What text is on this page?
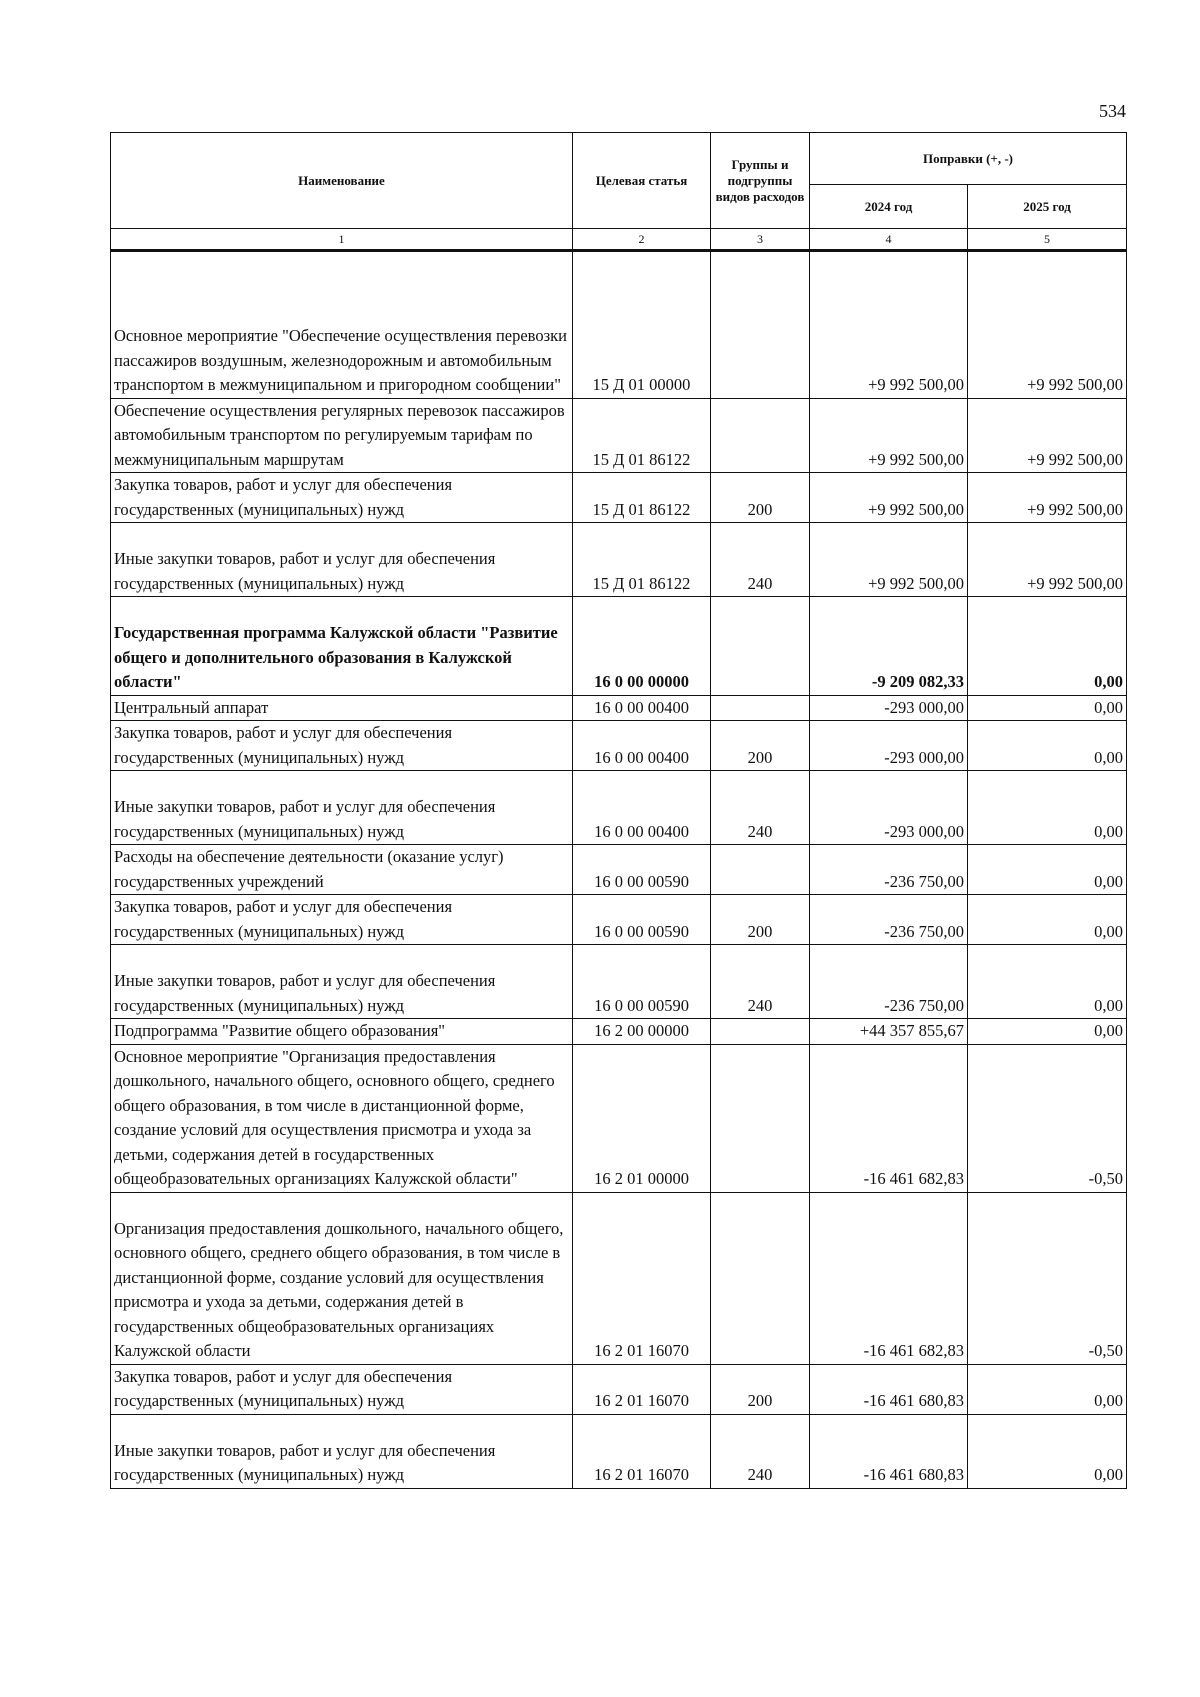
534
Наименование	Целевая статья	Группы и подгруппы видов расходов	Поправки (+, -)	
			2024 год	2025 год
1	2	3	4	5
Основное мероприятие "Обеспечение осуществления перевозки пассажиров воздушным, железнодорожным и автомобильным транспортом в межмуниципальном и пригородном сообщении"	15 Д 01 00000		+9 992 500,00	+9 992 500,00
Обеспечение осуществления регулярных перевозок пассажиров автомобильным транспортом по регулируемым тарифам по межмуниципальным маршрутам	15 Д 01 86122		+9 992 500,00	+9 992 500,00
Закупка товаров, работ и услуг для обеспечения государственных (муниципальных) нужд	15 Д 01 86122	200	+9 992 500,00	+9 992 500,00
Иные закупки товаров, работ и услуг для обеспечения государственных (муниципальных) нужд	15 Д 01 86122	240	+9 992 500,00	+9 992 500,00
Государственная программа Калужской области "Развитие общего и дополнительного образования в Калужской области"	16 0 00 00000		-9 209 082,33	0,00
Центральный аппарат	16 0 00 00400		-293 000,00	0,00
Закупка товаров, работ и услуг для обеспечения государственных (муниципальных) нужд	16 0 00 00400	200	-293 000,00	0,00
Иные закупки товаров, работ и услуг для обеспечения государственных (муниципальных) нужд	16 0 00 00400	240	-293 000,00	0,00
Расходы на обеспечение деятельности (оказание услуг) государственных учреждений	16 0 00 00590		-236 750,00	0,00
Закупка товаров, работ и услуг для обеспечения государственных (муниципальных) нужд	16 0 00 00590	200	-236 750,00	0,00
Иные закупки товаров, работ и услуг для обеспечения государственных (муниципальных) нужд	16 0 00 00590	240	-236 750,00	0,00
Подпрограмма "Развитие общего образования"	16 2 00 00000		+44 357 855,67	0,00
Основное мероприятие "Организация предоставления дошкольного, начального общего, основного общего, среднего общего образования, в том числе в дистанционной форме, создание условий для осуществления присмотра и ухода за детьми, содержания детей в государственных общеобразовательных организациях Калужской области"	16 2 01 00000		-16 461 682,83	-0,50
Организация предоставления дошкольного, начального общего, основного общего, среднего общего образования, в том числе в дистанционной форме, создание условий для осуществления присмотра и ухода за детьми, содержания детей в государственных общеобразовательных организациях Калужской области	16 2 01 16070		-16 461 682,83	-0,50
Закупка товаров, работ и услуг для обеспечения государственных (муниципальных) нужд	16 2 01 16070	200	-16 461 680,83	0,00
Иные закупки товаров, работ и услуг для обеспечения государственных (муниципальных) нужд	16 2 01 16070	240	-16 461 680,83	0,00
